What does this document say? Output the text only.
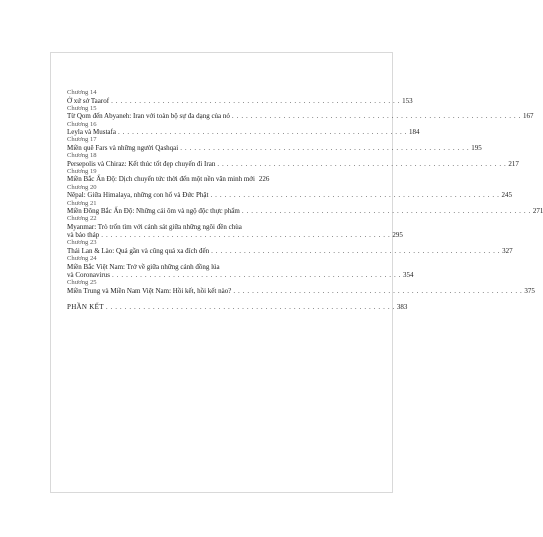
Chương 14
Ở xứ sở Taarof . . . . . . . . . . . . . . . . . . . . . . . . . . . . . . . . . . . . . . . . . . . . . . . . . . . . . . . . . . . . . . 153
Chương 15
Từ Qom đến Abyaneh: Iran với toàn bộ sự đa dạng của nó . . . . . . . . . . . . . . . . . . . . . . . . . . . . . . . . . . . . . . . . . . . . . . . . . . . . . . . . . . . . . . 167
Chương 16
Leyla và Mustafa . . . . . . . . . . . . . . . . . . . . . . . . . . . . . . . . . . . . . . . . . . . . . . . . . . . . . . . . . . . . . . 184
Chương 17
Miền quê Fars và những người Qashqai . . . . . . . . . . . . . . . . . . . . . . . . . . . . . . . . . . . . . . . . . . . . . . . . . . . . . . . . . . . . . . 195
Chương 18
Persepolis và Chiraz: Kết thúc tốt đẹp chuyến đi Iran . . . . . . . . . . . . . . . . . . . . . . . . . . . . . . . . . . . . . . . . . . . . . . . . . . . . . . . . . . . . . . 217
Chương 19
Miền Bắc Ấn Độ: Dịch chuyển tức thời đến một nền văn minh mới 226
Chương 20
Nêpal: Giữa Himalaya, những con hổ và Đức Phật . . . . . . . . . . . . . . . . . . . . . . . . . . . . . . . . . . . . . . . . . . . . . . . . . . . . . . . . . . . . . . 245
Chương 21
Miền Đông Bắc Ấn Độ: Những cái ôm và ngộ độc thực phẩm . . . . . . . . . . . . . . . . . . . . . . . . . . . . . . . . . . . . . . . . . . . . . . . . . . . . . . . . . . . . . . 271
Chương 22
Myanmar: Trò trốn tìm với cảnh sát giữa những ngôi đền chùa
và bảo tháp . . . . . . . . . . . . . . . . . . . . . . . . . . . . . . . . . . . . . . . . . . . . . . . . . . . . . . . . . . . . . . 295
Chương 23
Thái Lan & Lào: Quá gần và cũng quá xa đích đến . . . . . . . . . . . . . . . . . . . . . . . . . . . . . . . . . . . . . . . . . . . . . . . . . . . . . . . . . . . . . . 327
Chương 24
Miền Bắc Việt Nam: Trở về giữa những cánh đồng lúa
và Coronavirus . . . . . . . . . . . . . . . . . . . . . . . . . . . . . . . . . . . . . . . . . . . . . . . . . . . . . . . . . . . . . . 354
Chương 25
Miền Trung và Miền Nam Việt Nam: Hồi kết, hồi kết nào? . . . . . . . . . . . . . . . . . . . . . . . . . . . . . . . . . . . . . . . . . . . . . . . . . . . . . . . . . . . . . . 375
PHẦN KẾT . . . . . . . . . . . . . . . . . . . . . . . . . . . . . . . . . . . . . . . . . . . . . . . . . . . . . . . . . . . . . . 383
